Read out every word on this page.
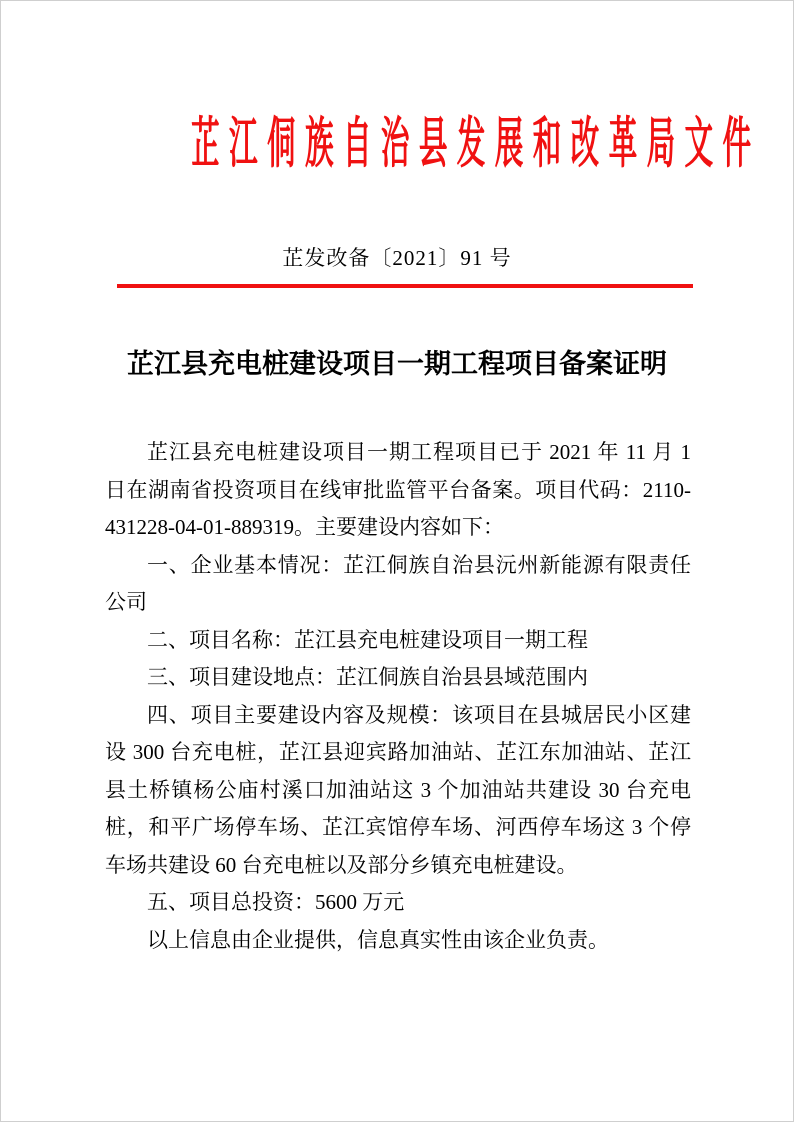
芷江侗族自治县发展和改革局文件
芷发改备〔2021〕91 号
芷江县充电桩建设项目一期工程项目备案证明

芷江县充电桩建设项目一期工程项目已于 2021 年 11 月 1 日在湖南省投资项目在线审批监管平台备案。项目代码：2110-431228-04-01-889319。主要建设内容如下：

一、企业基本情况：芷江侗族自治县沅州新能源有限责任公司

二、项目名称：芷江县充电桩建设项目一期工程

三、项目建设地点：芷江侗族自治县县域范围内

四、项目主要建设内容及规模：该项目在县城居民小区建设 300 台充电桩，芷江县迎宾路加油站、芷江东加油站、芷江县土桥镇杨公庙村溪口加油站这 3 个加油站共建设 30 台充电桩，和平广场停车场、芷江宾馆停车场、河西停车场这 3 个停车场共建设 60 台充电桩以及部分乡镇充电桩建设。

五、项目总投资：5600 万元

以上信息由企业提供，信息真实性由该企业负责。
